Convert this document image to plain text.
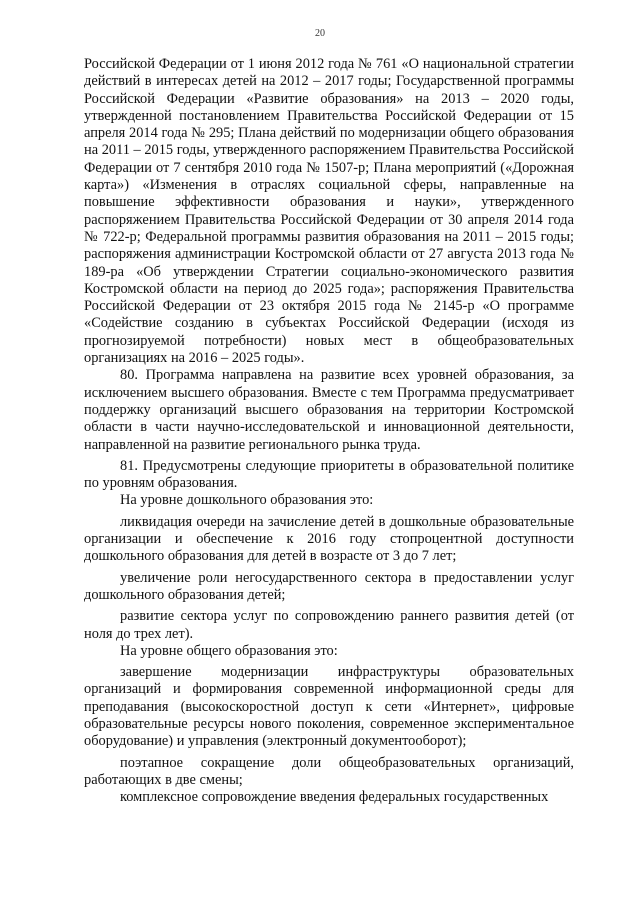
20

Российской Федерации от 1 июня 2012 года № 761 «О национальной стратегии действий в интересах детей на 2012 – 2017 годы; Государственной программы Российской Федерации «Развитие образования» на 2013 – 2020 годы, утвержденной постановлением Правительства Российской Федерации от 15 апреля 2014 года № 295; Плана действий по модернизации общего образования на 2011 – 2015 годы, утвержденного распоряжением Правительства Российской Федерации от 7 сентября 2010 года № 1507-р; Плана мероприятий («Дорожная карта») «Изменения в отраслях социальной сферы, направленные на повышение эффективности образования и науки», утвержденного распоряжением Правительства Российской Федерации от 30 апреля 2014 года № 722-р; Федеральной программы развития образования на 2011 – 2015 годы; распоряжения администрации Костромской области от 27 августа 2013 года № 189-ра «Об утверждении Стратегии социально-экономического развития Костромской области на период до 2025 года»; распоряжения Правительства Российской Федерации от 23 октября 2015 года № 2145-р «О программе «Содействие созданию в субъектах Российской Федерации (исходя из прогнозируемой потребности) новых мест в общеобразовательных организациях на 2016 – 2025 годы».

80. Программа направлена на развитие всех уровней образования, за исключением высшего образования. Вместе с тем Программа предусматривает поддержку организаций высшего образования на территории Костромской области в части научно-исследовательской и инновационной деятельности, направленной на развитие регионального рынка труда.

81. Предусмотрены следующие приоритеты в образовательной политике по уровням образования.

На уровне дошкольного образования это:

ликвидация очереди на зачисление детей в дошкольные образовательные организации и обеспечение к 2016 году стопроцентной доступности дошкольного образования для детей в возрасте от 3 до 7 лет;

увеличение роли негосударственного сектора в предоставлении услуг дошкольного образования детей;

развитие сектора услуг по сопровождению раннего развития детей (от ноля до трех лет).

На уровне общего образования это:

завершение модернизации инфраструктуры образовательных организаций и формирования современной информационной среды для преподавания (высокоскоростной доступ к сети «Интернет», цифровые образовательные ресурсы нового поколения, современное экспериментальное оборудование) и управления (электронный документооборот);

поэтапное сокращение доли общеобразовательных организаций, работающих в две смены;

комплексное сопровождение введения федеральных государственных
